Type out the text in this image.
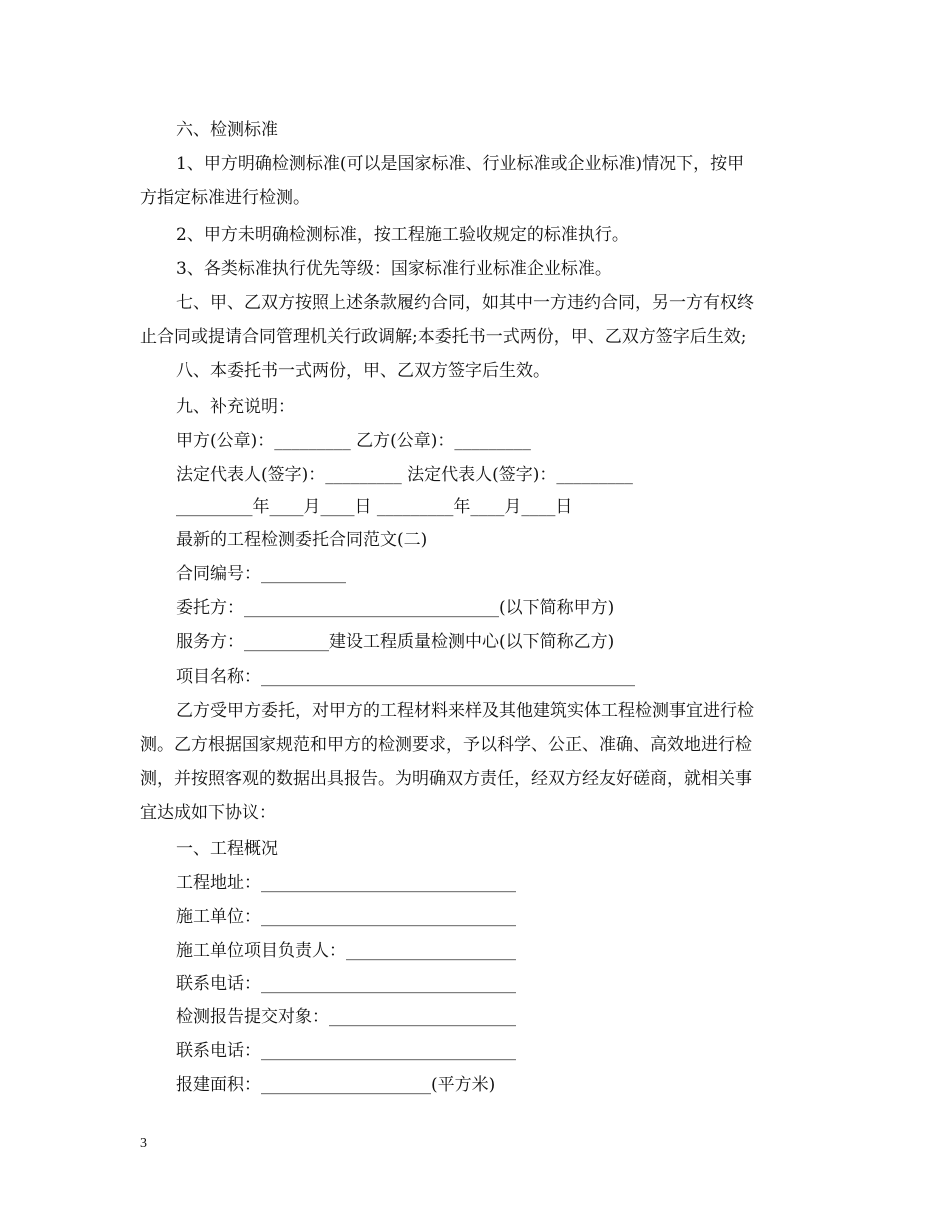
六、检测标准
1、甲方明确检测标准(可以是国家标准、行业标准或企业标准)情况下，按甲
方指定标准进行检测。
2、甲方未明确检测标准，按工程施工验收规定的标准执行。
3、各类标准执行优先等级：国家标准行业标准企业标准。
七、甲、乙双方按照上述条款履约合同，如其中一方违约合同，另一方有权终
止合同或提请合同管理机关行政调解;本委托书一式两份，甲、乙双方签字后生效;
八、本委托书一式两份，甲、乙双方签字后生效。
九、补充说明：
甲方(公章)：_________ 乙方(公章)：_________
法定代表人(签字)：_________ 法定代表人(签字)：_________
_________年____月____日 _________年____月____日
最新的工程检测委托合同范文(二)
合同编号：__________
委托方：______________________________(以下简称甲方)
服务方：__________建设工程质量检测中心(以下简称乙方)
项目名称：____________________________________________
乙方受甲方委托，对甲方的工程材料来样及其他建筑实体工程检测事宜进行检
测。乙方根据国家规范和甲方的检测要求，予以科学、公正、准确、高效地进行检
测，并按照客观的数据出具报告。为明确双方责任，经双方经友好磋商，就相关事
宜达成如下协议：
一、工程概况
工程地址：______________________________
施工单位：______________________________
施工单位项目负责人：____________________
联系电话：______________________________
检测报告提交对象：______________________
联系电话：______________________________
报建面积：____________________(平方米)
3
